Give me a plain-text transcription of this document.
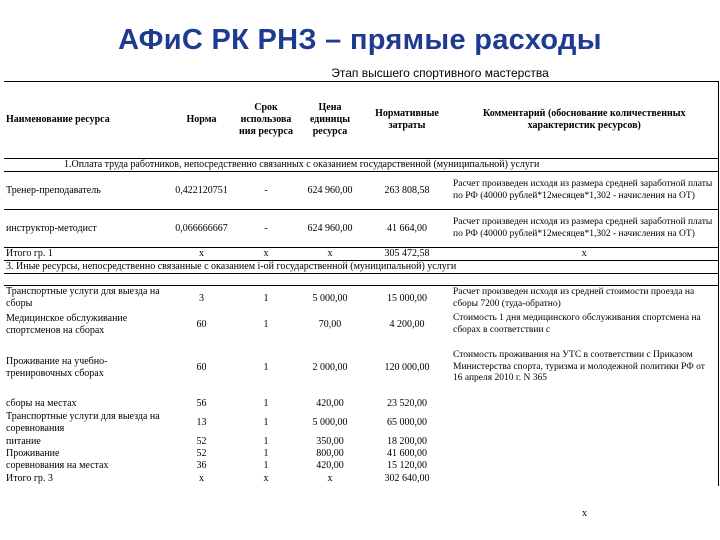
АФиС РК РНЗ – прямые расходы
Этап высшего спортивного мастерства
Наименование ресурса	Норма	Срок использова ния ресурса	Цена единицы ресурса	Нормативные затраты	Комментарий (обоснование количественных характеристик ресурсов)
1.Оплата труда работников, непосредственно связанных с оказанием государственной (муниципальной) услуги					
Тренер-преподаватель	0,422120751	-	624 960,00	263 808,58	Расчет произведен исходя из размера средней заработной платы по РФ (40000 рублей*12месяцев*1,302 - начисления на ОТ)
инструктор-методист	0,066666667	-	624 960,00	41 664,00	Расчет произведен исходя из размера средней заработной платы по РФ (40000 рублей*12месяцев*1,302 - начисления на ОТ)
Итого гр. 1	х	х	х	305 472,58	х
3. Иные ресурсы, непосредственно связанные с оказанием i-ой государственной (муниципальной) услуги					

Транспортные услуги для выезда на сборы	3	1	5 000,00	15 000,00	Расчет произведен исходя из средней стоимости проезда на сборы 7200 (туда-обратно)
Медицинское обслуживание спортсменов на сборах	60	1	70,00	4 200,00	Стоимость 1 дня медицинского обслуживания спортсмена на сборах в соответствии с
Проживание на учебно-тренировочных сборах	60	1	2 000,00	120 000,00	Стоимость проживания на УТС в соответствии с Приказом Министерства спорта, туризма и молодежной политики РФ от 16 апреля 2010 г. N 365
сборы на местах	56	1	420,00	23 520,00	
Транспортные услуги для выезда на соревнования	13	1	5 000,00	65 000,00	
питание	52	1	350,00	18 200,00	
Проживание	52	1	800,00	41 600,00	
соревнования на местах	36	1	420,00	15 120,00	
Итого гр. 3	х	х	х	302 640,00	
х
